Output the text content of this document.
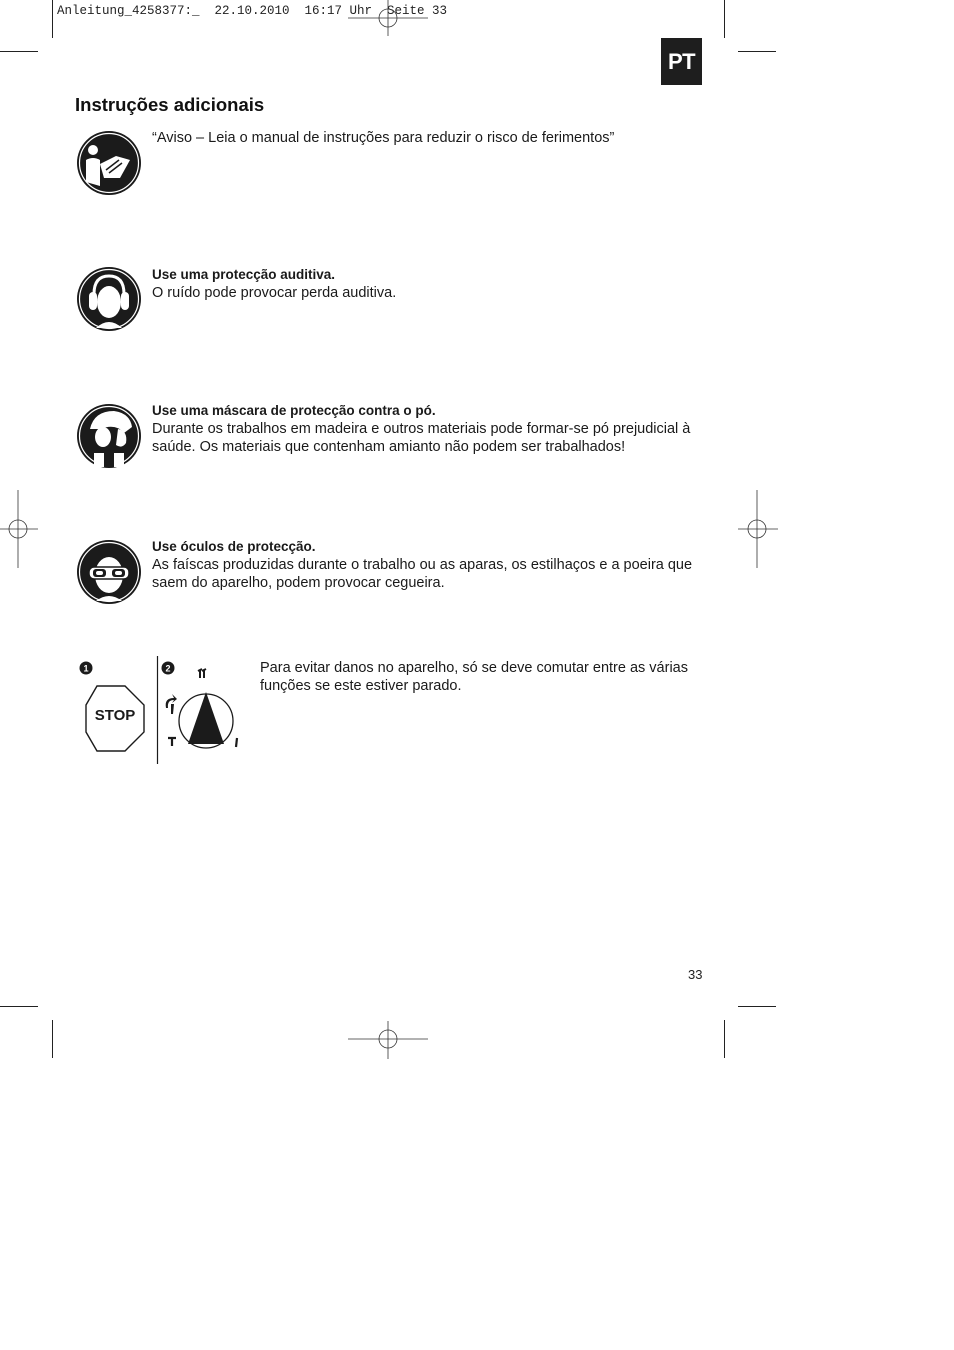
Anleitung_4258377:_  22.10.2010  16:17 Uhr  Seite 33
PT
Instruções adicionais
“Aviso – Leia o manual de instruções para reduzir o risco de ferimentos”
Use uma protecção auditiva.
O ruído pode provocar perda auditiva.
Use uma máscara de protecção contra o pó.
Durante os trabalhos em madeira e outros materiais pode formar-se pó prejudicial à saúde. Os materiais que contenham amianto não podem ser trabalhados!
Use óculos de protecção.
As faíscas produzidas durante o trabalho ou as aparas, os estilhaços e a poeira que saem do aparelho, podem provocar cegueira.
1
STOP
2	Para evitar danos no aparelho, só se deve comutar entre as várias funções se este estiver parado.
33
